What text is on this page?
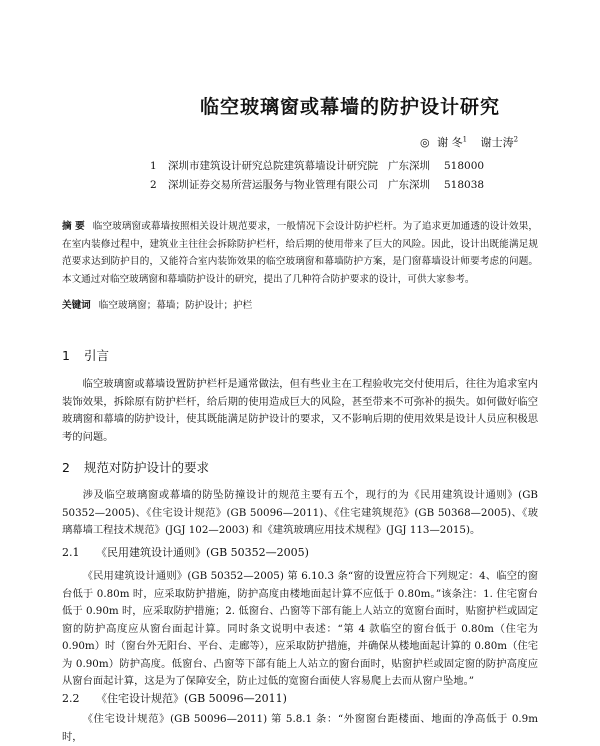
临空玻璃窗或幕墙的防护设计研究
◎ 谢 冬$^1$ 谢士涛$^2$
1 深圳市建筑设计研究总院建筑幕墙设计研究院 广东深圳 518000
2 深圳证券交易所营运服务与物业管理有限公司 广东深圳 518038
摘 要 临空玻璃窗或幕墙按照相关设计规范要求，一般情况下会设计防护栏杆。为了追求更加通透的设计效果，在室内装修过程中，建筑业主往往会拆除防护栏杆，给后期的使用带来了巨大的风险。因此，设计出既能满足规范要求达到防护目的，又能符合室内装饰效果的临空玻璃窗和幕墙防护方案，是门窗幕墙设计师要考虑的问题。本文通过对临空玻璃窗和幕墙防护设计的研究，提出了几种符合防护要求的设计，可供大家参考。
关键词 临空玻璃窗；幕墙；防护设计；护栏
1 引言
临空玻璃窗或幕墙设置防护栏杆是通常做法，但有些业主在工程验收完交付使用后，往往为追求室内装饰效果，拆除原有防护栏杆，给后期的使用造成巨大的风险，甚至带来不可弥补的损失。如何做好临空玻璃窗和幕墙的防护设计，使其既能满足防护设计的要求，又不影响后期的使用效果是设计人员应积极思考的问题。
2 规范对防护设计的要求
涉及临空玻璃窗或幕墙的防坠防撞设计的规范主要有五个，现行的为《民用建筑设计通则》(GB 50352—2005)、《住宅设计规范》(GB 50096—2011)、《住宅建筑规范》(GB 50368—2005)、《玻璃幕墙工程技术规范》(JGJ 102—2003) 和《建筑玻璃应用技术规程》(JGJ 113—2015)。
2.1 《民用建筑设计通则》(GB 50352—2005)
《民用建筑设计通则》(GB 50352—2005) 第 6.10.3 条“窗的设置应符合下列规定：4、临空的窗台低于 0.80m 时，应采取防护措施，防护高度由楼地面起计算不应低于 0.80m。”该条注：1. 住宅窗台低于 0.90m 时，应采取防护措施；2. 低窗台、凸窗等下部有能上人站立的宽窗台面时，贴窗护栏或固定窗的防护高度应从窗台面起计算。同时条文说明中表述：“第 4 款临空的窗台低于 0.80m（住宅为 0.90m）时（窗台外无阳台、平台、走廊等），应采取防护措施，并确保从楼地面起计算的 0.80m（住宅为 0.90m）防护高度。低窗台、凸窗等下部有能上人站立的窗台面时，贴窗护栏或固定窗的防护高度应从窗台面起计算，这是为了保障安全，防止过低的宽窗台面使人容易爬上去而从窗户坠地。”
2.2 《住宅设计规范》(GB 50096—2011)
《住宅设计规范》(GB 50096—2011) 第 5.8.1 条：“外窗窗台距楼面、地面的净高低于 0.9m 时，
